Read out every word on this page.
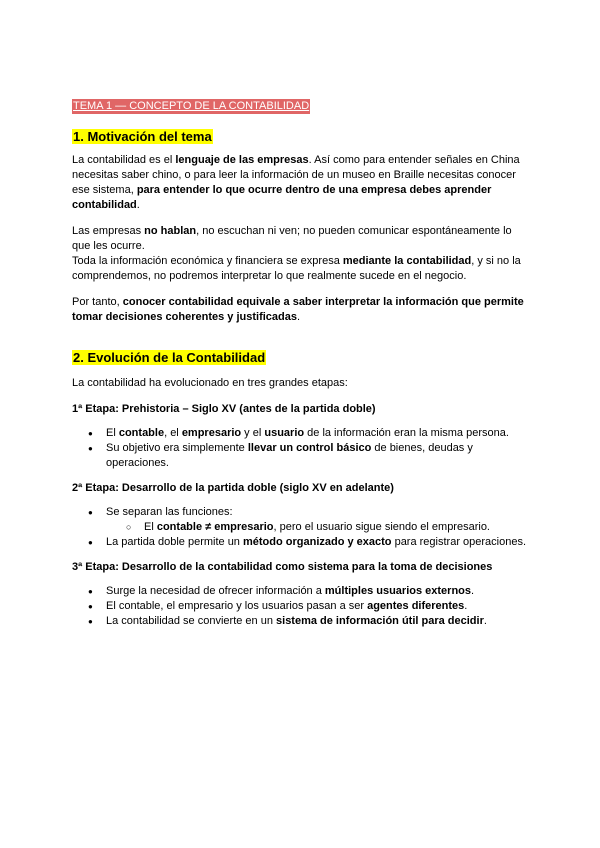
TEMA 1 — CONCEPTO DE LA CONTABILIDAD
1. Motivación del tema

La contabilidad es el lenguaje de las empresas. Así como para entender señales en China necesitas saber chino, o para leer la información de un museo en Braille necesitas conocer ese sistema, para entender lo que ocurre dentro de una empresa debes aprender contabilidad.

Las empresas no hablan, no escuchan ni ven; no pueden comunicar espontáneamente lo que les ocurre.

Toda la información económica y financiera se expresa mediante la contabilidad, y si no la comprendemos, no podremos interpretar lo que realmente sucede en el negocio.

Por tanto, conocer contabilidad equivale a saber interpretar la información que permite tomar decisiones coherentes y justificadas.

2. Evolución de la Contabilidad

La contabilidad ha evolucionado en tres grandes etapas:

1ª Etapa: Prehistoria – Siglo XV (antes de la partida doble)
● El contable, el empresario y el usuario de la información eran la misma persona.
● Su objetivo era simplemente llevar un control básico de bienes, deudas y operaciones.
2ª Etapa: Desarrollo de la partida doble (siglo XV en adelante)
● Se separan las funciones:
○ El contable ≠ empresario, pero el usuario sigue siendo el empresario.
● La partida doble permite un método organizado y exacto para registrar operaciones.
3ª Etapa: Desarrollo de la contabilidad como sistema para la toma de decisiones
● Surge la necesidad de ofrecer información a múltiples usuarios externos.
● El contable, el empresario y los usuarios pasan a ser agentes diferentes.
● La contabilidad se convierte en un sistema de información útil para decidir.
